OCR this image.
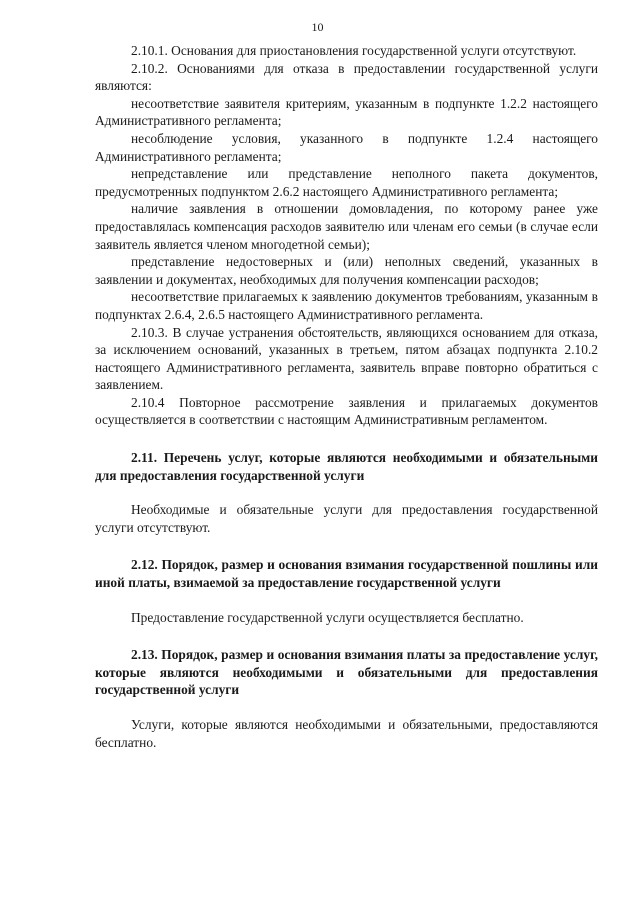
10

2.10.1. Основания для приостановления государственной услуги отсутствуют.

2.10.2. Основаниями для отказа в предоставлении государственной услуги являются:

несоответствие заявителя критериям, указанным в подпункте 1.2.2 настоящего Административного регламента;

несоблюдение условия, указанного в подпункте 1.2.4 настоящего Административного регламента;

непредставление или представление неполного пакета документов, предусмотренных подпунктом 2.6.2 настоящего Административного регламента;

наличие заявления в отношении домовладения, по которому ранее уже предоставлялась компенсация расходов заявителю или членам его семьи (в случае если заявитель является членом многодетной семьи);

представление недостоверных и (или) неполных сведений, указанных в заявлении и документах, необходимых для получения компенсации расходов;

несоответствие прилагаемых к заявлению документов требованиям, указанным в подпунктах 2.6.4, 2.6.5 настоящего Административного регламента.

2.10.3. В случае устранения обстоятельств, являющихся основанием для отказа, за исключением оснований, указанных в третьем, пятом абзацах подпункта 2.10.2 настоящего Административного регламента, заявитель вправе повторно обратиться с заявлением.

2.10.4 Повторное рассмотрение заявления и прилагаемых документов осуществляется в соответствии с настоящим Административным регламентом.

2.11. Перечень услуг, которые являются необходимыми и обязательными для предоставления государственной услуги

Необходимые и обязательные услуги для предоставления государственной услуги отсутствуют.

2.12. Порядок, размер и основания взимания государственной пошлины или иной платы, взимаемой за предоставление государственной услуги

Предоставление государственной услуги осуществляется бесплатно.

2.13. Порядок, размер и основания взимания платы за предоставление услуг, которые являются необходимыми и обязательными для предоставления государственной услуги

Услуги, которые являются необходимыми и обязательными, предоставляются бесплатно.
